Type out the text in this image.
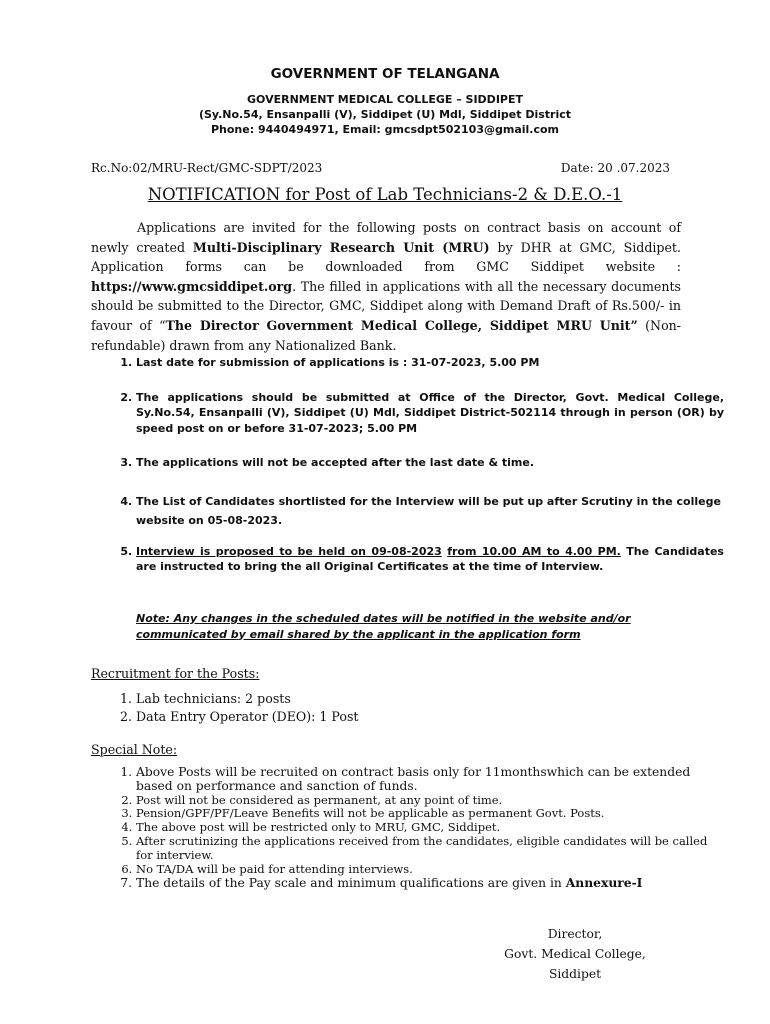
GOVERNMENT OF TELANGANA
GOVERNMENT MEDICAL COLLEGE – SIDDIPET
(Sy.No.54, Ensanpalli (V), Siddipet (U) Mdl, Siddipet District
Phone: 9440494971, Email: gmcsdpt502103@gmail.com
Rc.No:02/MRU-Rect/GMC-SDPT/2023	Date: 20 .07.2023
NOTIFICATION for Post of Lab Technicians-2 & D.E.O.-1
Applications are invited for the following posts on contract basis on account of newly created Multi-Disciplinary Research Unit (MRU) by DHR at GMC, Siddipet. Application forms can be downloaded from GMC Siddipet website : https://www.gmcsiddipet.org. The filled in applications with all the necessary documents should be submitted to the Director, GMC, Siddipet along with Demand Draft of Rs.500/- in favour of “The Director Government Medical College, Siddipet MRU Unit” (Non-refundable) drawn from any Nationalized Bank.
1. Last date for submission of applications is : 31-07-2023, 5.00 PM
2. The applications should be submitted at Office of the Director, Govt. Medical College, Sy.No.54, Ensanpalli (V), Siddipet (U) Mdl, Siddipet District-502114 through in person (OR) by speed post on or before 31-07-2023; 5.00 PM
3. The applications will not be accepted after the last date & time.
4. The List of Candidates shortlisted for the Interview will be put up after Scrutiny in the college website on 05-08-2023.
5. Interview is proposed to be held on 09-08-2023 from 10.00 AM to 4.00 PM. The Candidates are instructed to bring the all Original Certificates at the time of Interview.
Note: Any changes in the scheduled dates will be notified in the website and/or communicated by email shared by the applicant in the application form
Recruitment for the Posts:
1. Lab technicians: 2 posts
2. Data Entry Operator (DEO): 1 Post
Special Note:
1. Above Posts will be recruited on contract basis only for 11monthswhich can be extended based on performance and sanction of funds.
2. Post will not be considered as permanent, at any point of time.
3. Pension/GPF/PF/Leave Benefits will not be applicable as permanent Govt. Posts.
4. The above post will be restricted only to MRU, GMC, Siddipet.
5. After scrutinizing the applications received from the candidates, eligible candidates will be called for interview.
6. No TA/DA will be paid for attending interviews.
7. The details of the Pay scale and minimum qualifications are given in Annexure-I
Director,
Govt. Medical College,
Siddipet
